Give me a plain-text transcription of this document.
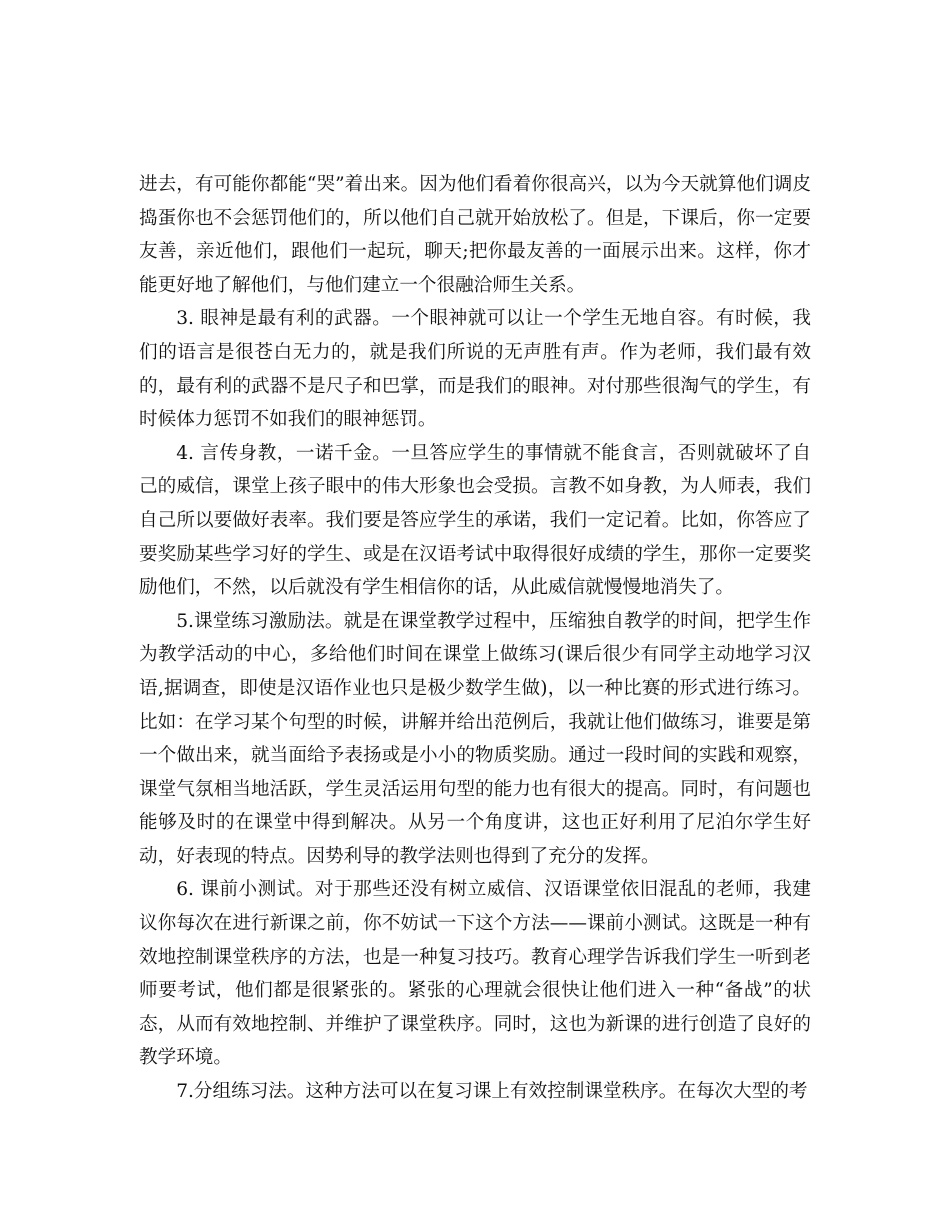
进去，有可能你都能“哭”着出来。因为他们看着你很高兴，以为今天就算他们调皮捣蛋你也不会惩罚他们的，所以他们自己就开始放松了。但是，下课后，你一定要友善，亲近他们，跟他们一起玩，聊天;把你最友善的一面展示出来。这样，你才能更好地了解他们，与他们建立一个很融洽师生关系。

3. 眼神是最有利的武器。一个眼神就可以让一个学生无地自容。有时候，我们的语言是很苍白无力的，就是我们所说的无声胜有声。作为老师，我们最有效的，最有利的武器不是尺子和巴掌，而是我们的眼神。对付那些很淘气的学生，有时候体力惩罚不如我们的眼神惩罚。

4. 言传身教，一诺千金。一旦答应学生的事情就不能食言，否则就破坏了自己的威信，课堂上孩子眼中的伟大形象也会受损。言教不如身教，为人师表，我们自己所以要做好表率。我们要是答应学生的承诺，我们一定记着。比如，你答应了要奖励某些学习好的学生、或是在汉语考试中取得很好成绩的学生，那你一定要奖励他们，不然，以后就没有学生相信你的话，从此威信就慢慢地消失了。

5.课堂练习激励法。就是在课堂教学过程中，压缩独自教学的时间，把学生作为教学活动的中心，多给他们时间在课堂上做练习(课后很少有同学主动地学习汉语,据调查，即使是汉语作业也只是极少数学生做)，以一种比赛的形式进行练习。比如：在学习某个句型的时候，讲解并给出范例后，我就让他们做练习，谁要是第一个做出来，就当面给予表扬或是小小的物质奖励。通过一段时间的实践和观察，课堂气氛相当地活跃，学生灵活运用句型的能力也有很大的提高。同时，有问题也能够及时的在课堂中得到解决。从另一个角度讲，这也正好利用了尼泊尔学生好动，好表现的特点。因势利导的教学法则也得到了充分的发挥。

6. 课前小测试。对于那些还没有树立威信、汉语课堂依旧混乱的老师，我建议你每次在进行新课之前，你不妨试一下这个方法——课前小测试。这既是一种有效地控制课堂秩序的方法，也是一种复习技巧。教育心理学告诉我们学生一听到老师要考试，他们都是很紧张的。紧张的心理就会很快让他们进入一种“备战”的状态，从而有效地控制、并维护了课堂秩序。同时，这也为新课的进行创造了良好的教学环境。

7.分组练习法。这种方法可以在复习课上有效控制课堂秩序。在每次大型的考
